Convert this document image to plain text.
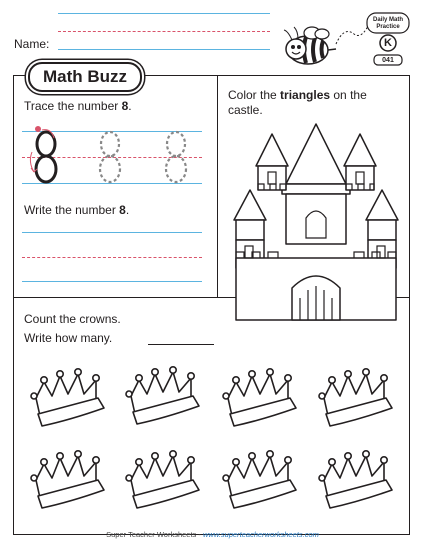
Name:
Daily Math
Practice
K
041
Math Buzz
Trace the number 8.
Write the number 8.
Color the triangles on the
castle.
Count the crowns.
Write how many.
Super Teacher Worksheets - www.superteacherworksheets.com
